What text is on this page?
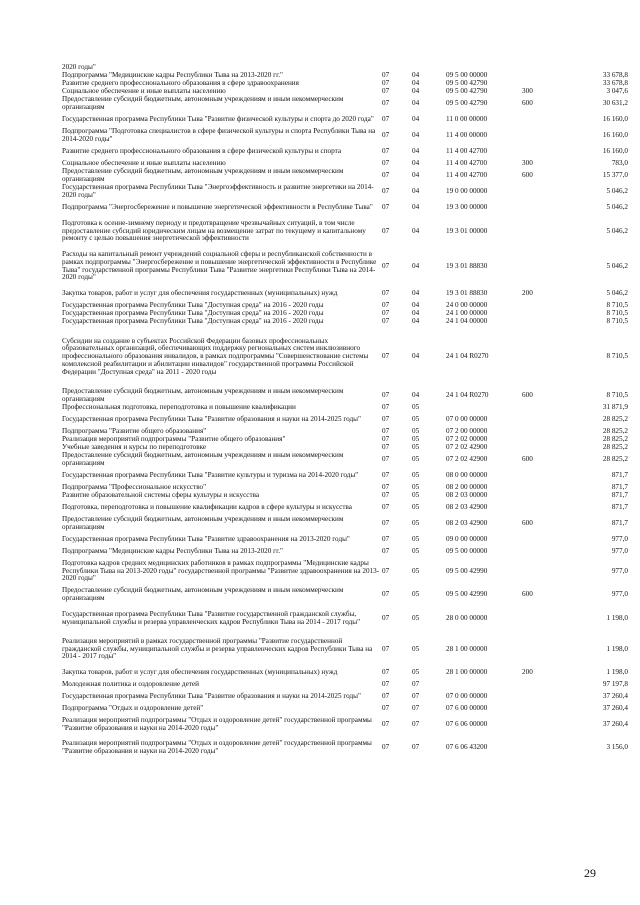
2020 годы"					
Подпрограмма "Медицинские кадры Республики Тыва на 2013-2020 гг."	07	04	09 5 00 00000		33 678,8
Развитие среднего профессионального образования в сфере здравоохранения	07	04	09 5 00 42790		33 678,8
Социальное обеспечение и иные выплаты населению	07	04	09 5 00 42790	300	3 047,6
Предоставление субсидий бюджетным, автономным учреждениям и иным некоммерческим организациям	07	04	09 5 00 42790	600	30 631,2
Государственная программа Республики Тыва "Развитие физической культуры и спорта до 2020 года"	07	04	11 0 00 00000		16 160,0
Подпрограмма "Подготовка специалистов в сфере физической культуры и спорта Республики Тыва на 2014-2020 годы"	07	04	11 4 00 00000		16 160,0
Развитие среднего профессионального образования в сфере физической культуры и спорта	07	04	11 4 00 42700		16 160,0
Социальное обеспечение и иные выплаты населению	07	04	11 4 00 42700	300	783,0
Предоставление субсидий бюджетным, автономным учреждениям и иным некоммерческим организациям	07	04	11 4 00 42700	600	15 377,0
Государственная программа Республики Тыва "Энергоэффективность и развитие энергетики на 2014-2020 годы"	07	04	19 0 00 00000		5 046,2
Подпрограмма "Энергосбережение и повышение энергетической эффективности в Республике Тыва"	07	04	19 3 00 00000		5 046,2
Подготовка к осенне-зимнему периоду и предотвращение чрезвычайных ситуаций, в том числе предоставление субсидий юридическим лицам на возмещение затрат по текущему и капитальному ремонту с целью повышения энергетической эффективности	07	04	19 3 01 00000		5 046,2
Расходы на капитальный ремонт учреждений социальной сферы и республиканской собственности в рамках подпрограммы "Энергосбережение и повышение энергетической эффективности в Республике Тыва" государственной программы Республики Тыва "Развитие энергетики Республики Тыва на 2014-2020 годы"	07	04	19 3 01 88830		5 046,2
Закупка товаров, работ и услуг для обеспечения государственных (муниципальных) нужд	07	04	19 3 01 88830	200	5 046,2
Государственная программа Республики Тыва "Доступная среда" на 2016 - 2020 годы	07	04	24 0 00 00000		8 710,5
Государственная программа Республики Тыва "Доступная среда" на 2016 - 2020 годы	07	04	24 1 00 00000		8 710,5
Государственная программа Республики Тыва "Доступная среда" на 2016 - 2020 годы	07	04	24 1 04 00000		8 710,5
Субсидии на создание в субъектах Российской Федерации базовых профессиональных образовательных организаций, обеспечивающих поддержку региональных систем инклюзивного профессионального образования инвалидов, в рамках подпрограммы "Совершенствование системы комплексной реабилитации и абилитации инвалидов" государственной программы Российской Федерации "Доступная среда" на 2011 - 2020 годы	07	04	24 1 04 R0270		8 710,5
Предоставление субсидий бюджетным, автономным учреждениям и иным некоммерческим организациям	07	04	24 1 04 R0270	600	8 710,5
Профессиональная подготовка, переподготовка и повышение квалификации	07	05			31 871,9
Государственная программа Республики Тыва "Развитие образования и науки на 2014-2025 годы"	07	05	07 0 00 00000		28 825,2
Подпрограмма "Развитие общего образования"	07	05	07 2 00 00000		28 825,2
Реализация мероприятий подпрограммы "Развитие общего образования"	07	05	07 2 02 00000		28 825,2
Учебные заведения и курсы по переподготовке	07	05	07 2 02 42900		28 825,2
Предоставление субсидий бюджетным, автономным учреждениям и иным некоммерческим организациям	07	05	07 2 02 42900	600	28 825,2
Государственная программа Республики Тыва "Развитие культуры и туризма на 2014-2020 годы"	07	05	08 0 00 00000		871,7
Подпрограмма "Профессиональное искусство"	07	05	08 2 00 00000		871,7
Развитие образовательной системы сферы культуры и искусства	07	05	08 2 03 00000		871,7
Подготовка, переподготовка и повышение квалификации кадров в сфере культуры и искусства	07	05	08 2 03 42900		871,7
Предоставление субсидий бюджетным, автономным учреждениям и иным некоммерческим организациям	07	05	08 2 03 42900	600	871,7
Государственная программа Республики Тыва "Развитие здравоохранения на 2013-2020 годы"	07	05	09 0 00 00000		977,0
Подпрограмма "Медицинские кадры Республики Тыва на 2013-2020 гг."	07	05	09 5 00 00000		977,0
Подготовка кадров средних медицинских работников в рамках подпрограммы "Медицинские кадры Республики Тыва на 2013-2020 годы" государственной программы "Развитие здравоохранения на 2013-2020 годы"	07	05	09 5 00 42990		977,0
Предоставление субсидий бюджетным, автономным учреждениям и иным некоммерческим организациям	07	05	09 5 00 42990	600	977,0
Государственная программа Республики Тыва "Развитие государственной гражданской службы, муниципальной службы и резерва управленческих кадров Республики Тыва на 2014 - 2017 годы"	07	05	28 0 00 00000		1 198,0
Реализация мероприятий в рамках государственной программы "Развитие государственной гражданской службы, муниципальной службы и резерва управленческих кадров Республики Тыва на 2014 - 2017 годы"	07	05	28 1 00 00000		1 198,0
Закупка товаров, работ и услуг для обеспечения государственных (муниципальных) нужд	07	05	28 1 00 00000	200	1 198,0
Молодежная политика и оздоровление детей	07	07			97 197,8
Государственная программа Республики Тыва "Развитие образования и науки на 2014-2025 годы"	07	07	07 0 00 00000		37 260,4
Подпрограмма "Отдых и оздоровление детей"	07	07	07 6 00 00000		37 260,4
Реализация мероприятий подпрограммы "Отдых и оздоровление детей" государственной программы "Развитие образования и науки на 2014-2020 годы"	07	07	07 6 06 00000		37 260,4
Реализация мероприятий подпрограммы "Отдых и оздоровление детей" государственной программы "Развитие образования и науки на 2014-2020 годы"	07	07	07 6 06 43200		3 156,0
29
